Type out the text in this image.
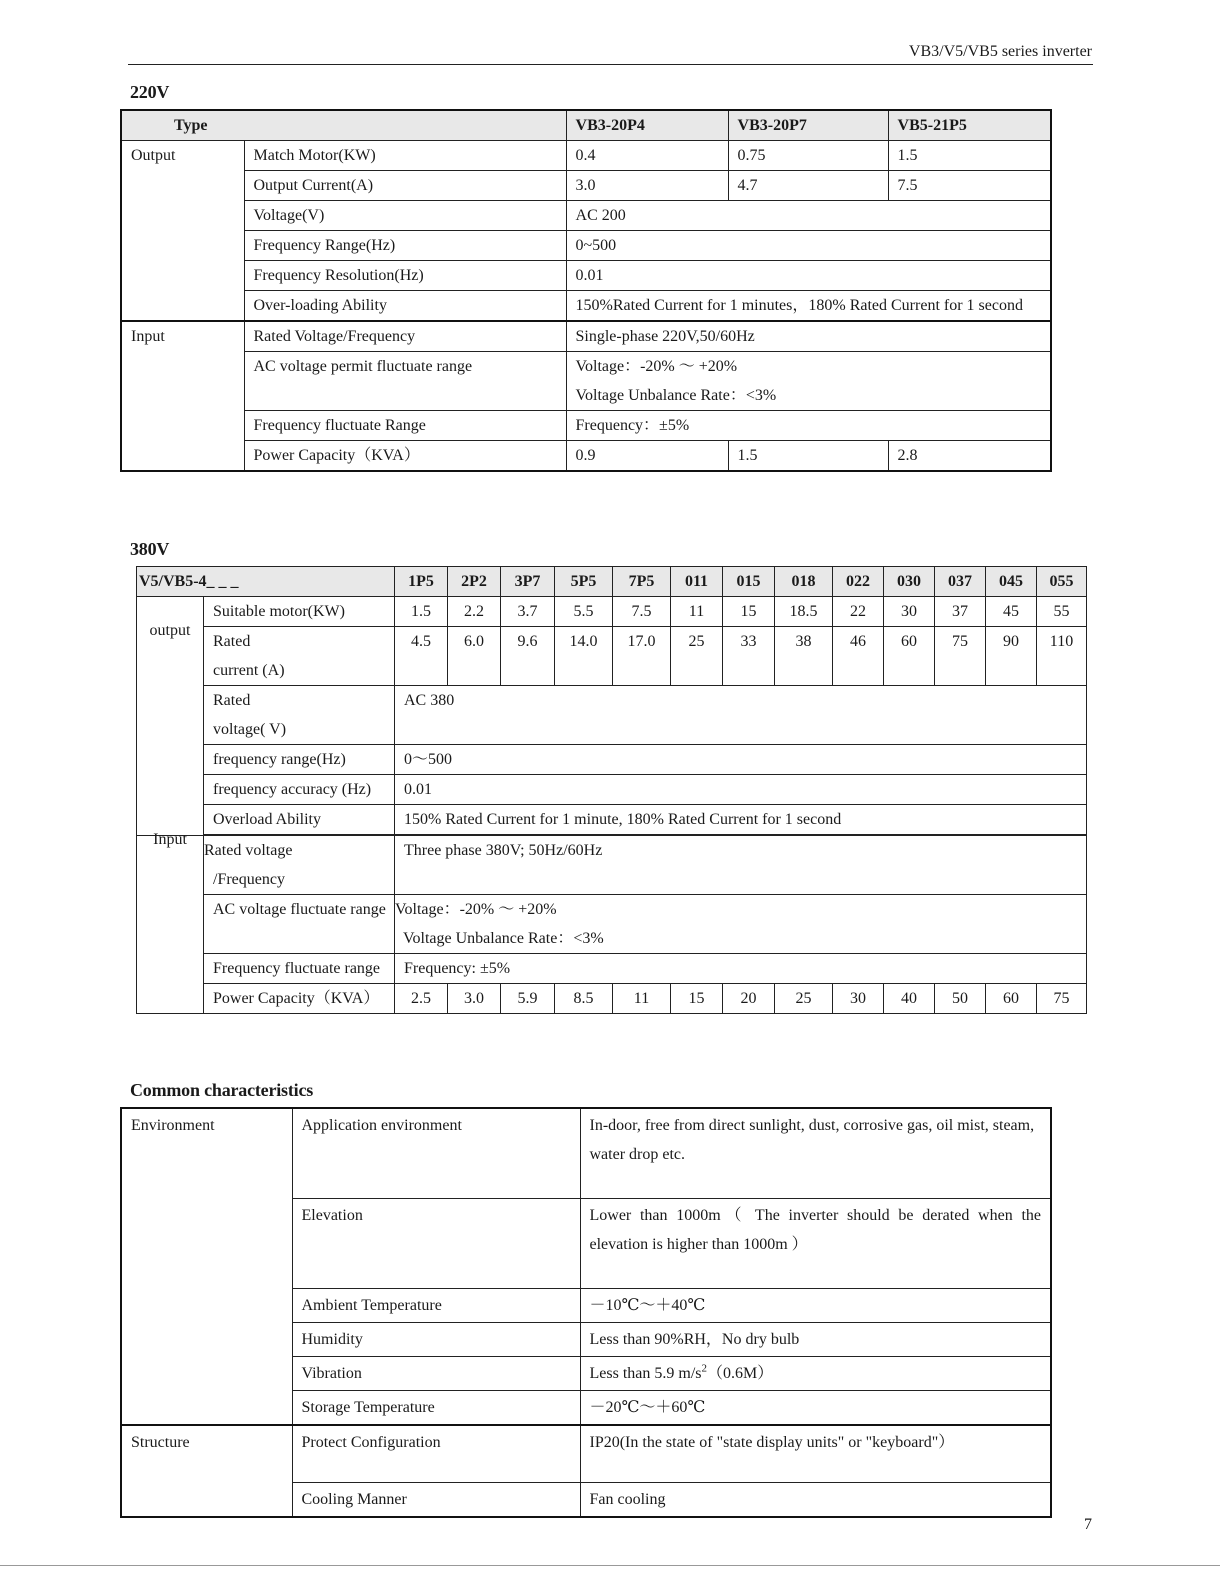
VB3/V5/VB5 series inverter
220V
Type		VB3-20P4	VB3-20P7	VB5-21P5
Output	Match Motor(KW)	0.4	0.75	1.5
	Output Current(A)	3.0	4.7	7.5
	Voltage(V)	AC 200		
	Frequency Range(Hz)	0~500		
	Frequency Resolution(Hz)	0.01		
	Over-loading Ability	150%Rated Current for 1 minutes，180% Rated Current for 1 second		
Input	Rated Voltage/Frequency	Single-phase 220V,50/60Hz		
	AC voltage permit fluctuate range	Voltage：-20% ～ +20%
Voltage Unbalance Rate：<3%		

	Frequency fluctuate Range	Frequency：±5%		
	Power Capacity（KVA）	0.9	1.5	2.8
380V
V5/VB5-4_ _ _		1P5	2P2	3P7	5P5	7P5	011	015	018	022	030	037	045	055

output	Suitable motor(KW)	1.5	2.2	3.7	5.5	7.5	11	15	18.5	22	30	37	45	55

	Rated
current (A)	4.5	6.0	9.6	14.0	17.0	25	33	38	46	60	75	90	110

	Rated
voltage( V)	AC 380												
	frequency range(Hz)	0～500												
	frequency accuracy (Hz)	0.01												
	Overload Ability	150% Rated Current for 1 minute, 180% Rated Current for 1 second												

Input	Rated voltage
/Frequency	Three phase 380V; 50Hz/60Hz												
	AC voltage fluctuate range	Voltage：-20% ～ +20%
Voltage Unbalance Rate：<3%												

	Frequency fluctuate range	Frequency: ±5%												
	Power Capacity（KVA）	2.5	3.0	5.9	8.5	11	15	20	25	30	40	50	60	75
Common characteristics
Environment	Application environment	In-door, free from direct sunlight, dust, corrosive gas, oil mist, steam, water drop etc.
	Elevation	Lower than 1000m（ The inverter should be derated when the elevation is higher than 1000m ）
	Ambient Temperature	－10℃～＋40℃
	Humidity	Less than 90%RH，No dry bulb
	Vibration	Less than 5.9 $m/s^2(0.6M)$
	Storage Temperature	－20℃～＋60℃
Structure	Protect Configuration	IP20(In the state of "state display units" or "keyboard"）
	Cooling Manner	Fan cooling
7
